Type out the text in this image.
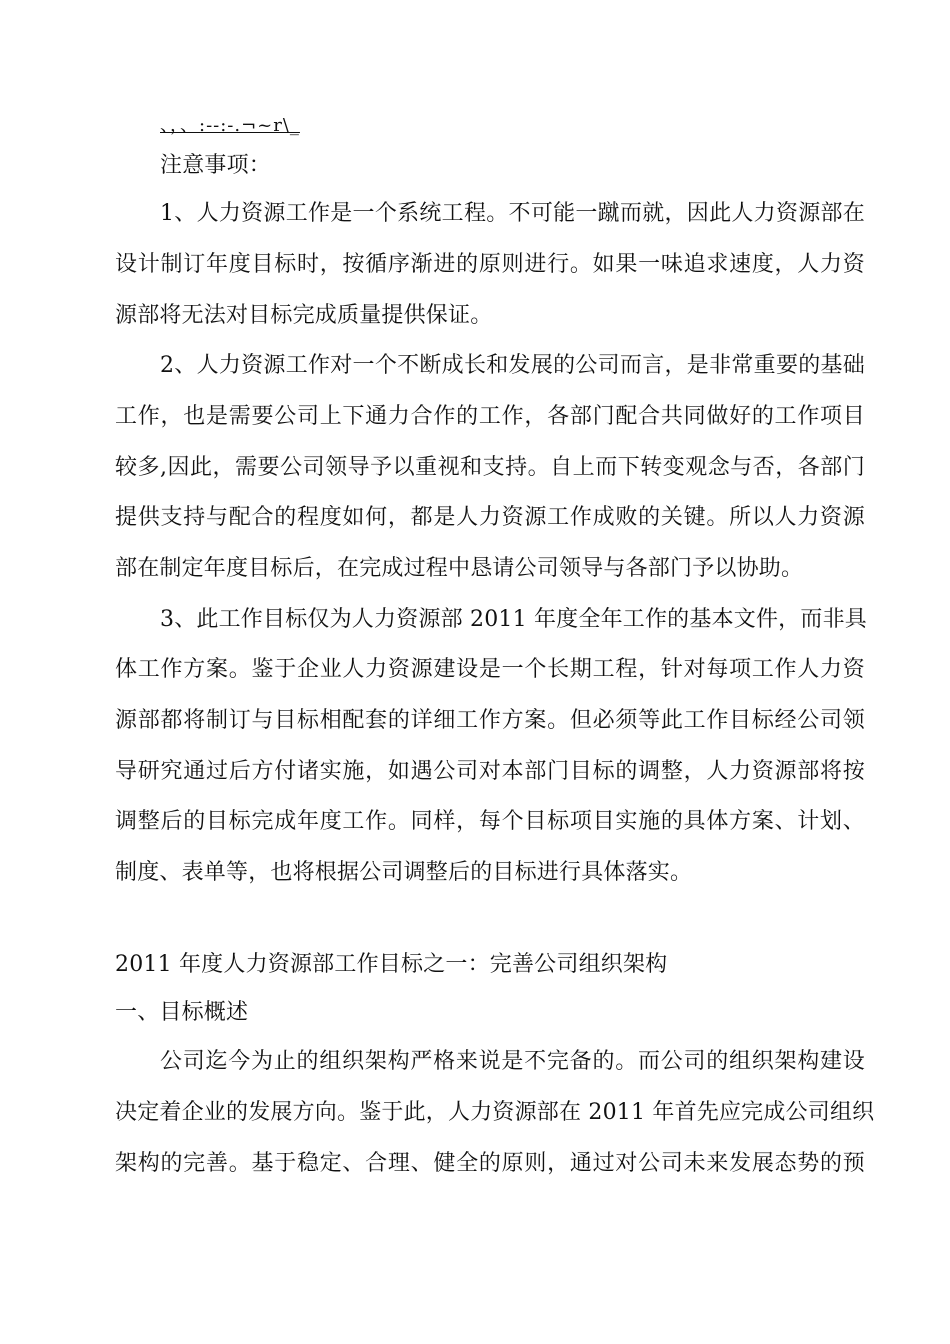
、，、:--:-.¬~r\_
注意事项：
1、人力资源工作是一个系统工程。不可能一蹴而就，因此人力资源部在
设计制订年度目标时，按循序渐进的原则进行。如果一味追求速度，人力资
源部将无法对目标完成质量提供保证。
2、人力资源工作对一个不断成长和发展的公司而言，是非常重要的基础
工作，也是需要公司上下通力合作的工作，各部门配合共同做好的工作项目
较多,因此，需要公司领导予以重视和支持。自上而下转变观念与否，各部门
提供支持与配合的程度如何，都是人力资源工作成败的关键。所以人力资源
部在制定年度目标后，在完成过程中恳请公司领导与各部门予以协助。
3、此工作目标仅为人力资源部 2011 年度全年工作的基本文件，而非具
体工作方案。鉴于企业人力资源建设是一个长期工程，针对每项工作人力资
源部都将制订与目标相配套的详细工作方案。但必须等此工作目标经公司领
导研究通过后方付诸实施，如遇公司对本部门目标的调整，人力资源部将按
调整后的目标完成年度工作。同样，每个目标项目实施的具体方案、计划、
制度、表单等，也将根据公司调整后的目标进行具体落实。
2011 年度人力资源部工作目标之一：完善公司组织架构
一、目标概述
公司迄今为止的组织架构严格来说是不完备的。而公司的组织架构建设
决定着企业的发展方向。鉴于此，人力资源部在 2011 年首先应完成公司组织
架构的完善。基于稳定、合理、健全的原则，通过对公司未来发展态势的预
